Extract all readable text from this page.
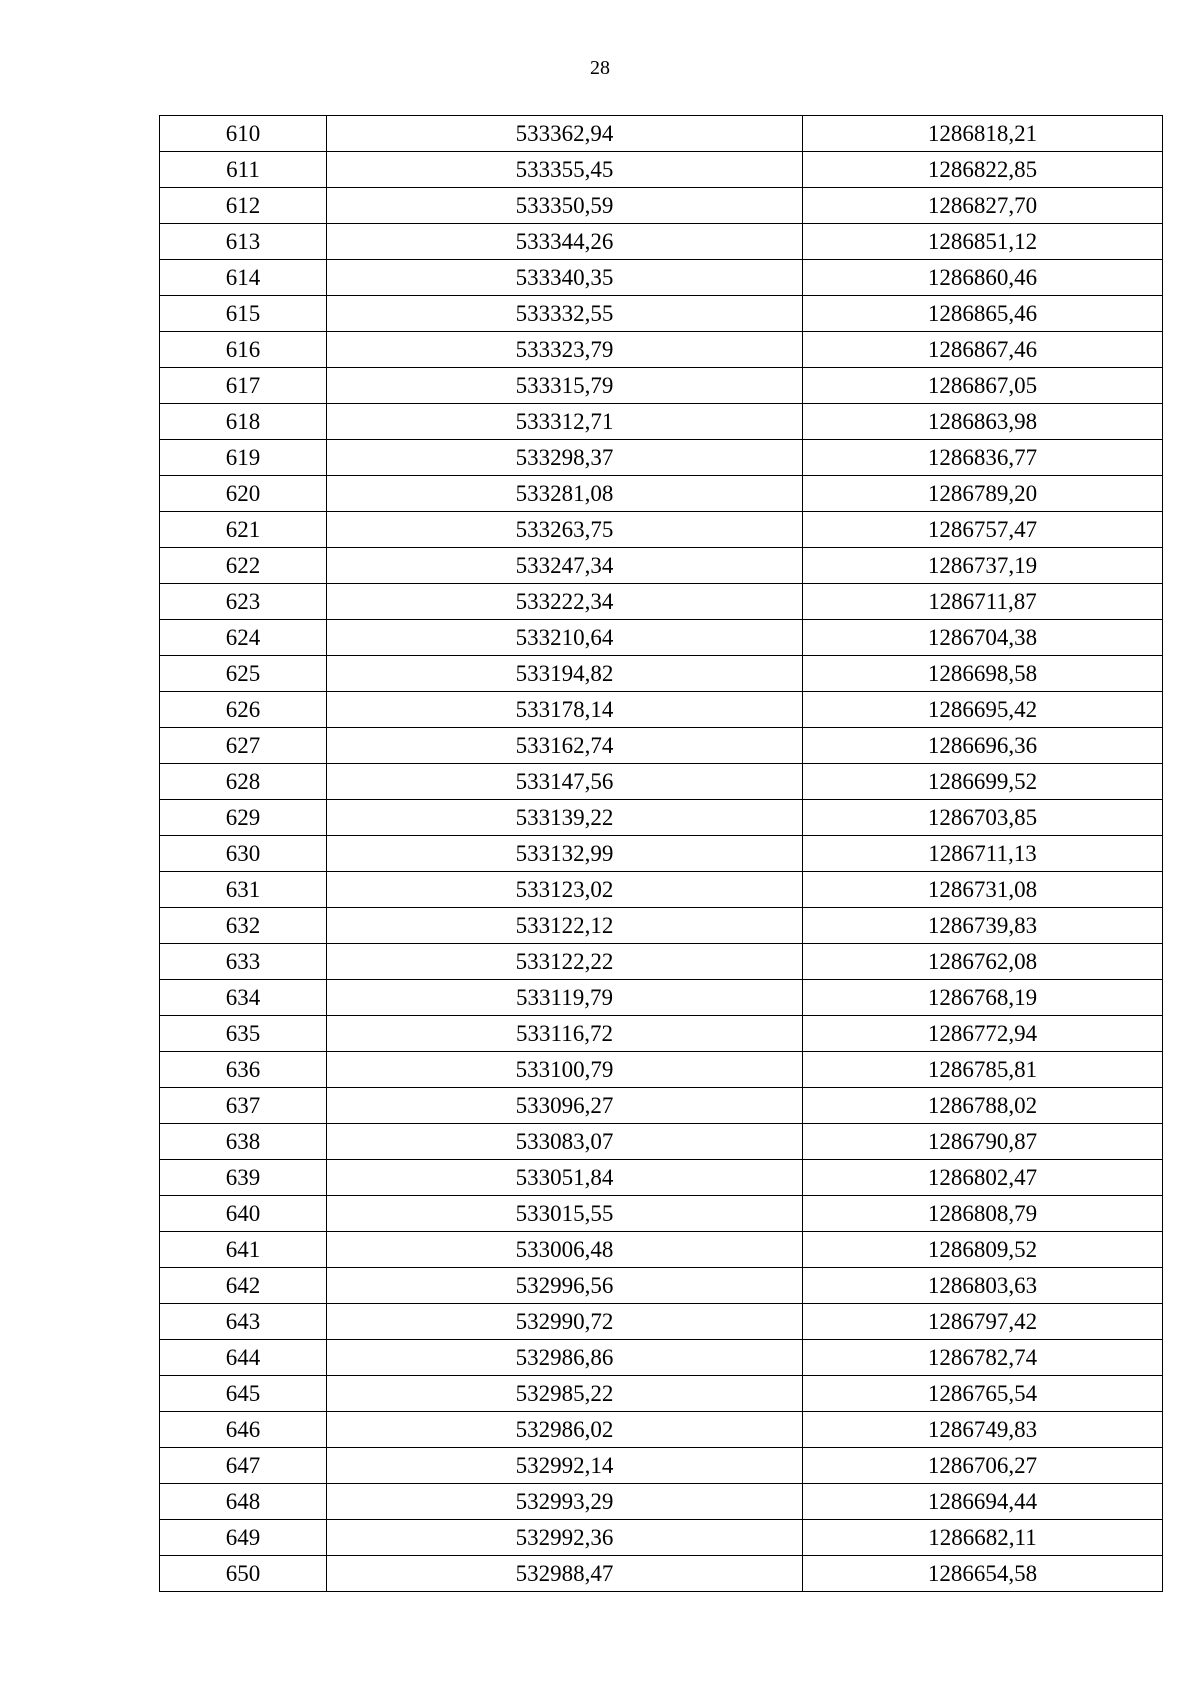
28
610	533362,94	1286818,21
611	533355,45	1286822,85
612	533350,59	1286827,70
613	533344,26	1286851,12
614	533340,35	1286860,46
615	533332,55	1286865,46
616	533323,79	1286867,46
617	533315,79	1286867,05
618	533312,71	1286863,98
619	533298,37	1286836,77
620	533281,08	1286789,20
621	533263,75	1286757,47
622	533247,34	1286737,19
623	533222,34	1286711,87
624	533210,64	1286704,38
625	533194,82	1286698,58
626	533178,14	1286695,42
627	533162,74	1286696,36
628	533147,56	1286699,52
629	533139,22	1286703,85
630	533132,99	1286711,13
631	533123,02	1286731,08
632	533122,12	1286739,83
633	533122,22	1286762,08
634	533119,79	1286768,19
635	533116,72	1286772,94
636	533100,79	1286785,81
637	533096,27	1286788,02
638	533083,07	1286790,87
639	533051,84	1286802,47
640	533015,55	1286808,79
641	533006,48	1286809,52
642	532996,56	1286803,63
643	532990,72	1286797,42
644	532986,86	1286782,74
645	532985,22	1286765,54
646	532986,02	1286749,83
647	532992,14	1286706,27
648	532993,29	1286694,44
649	532992,36	1286682,11
650	532988,47	1286654,58
